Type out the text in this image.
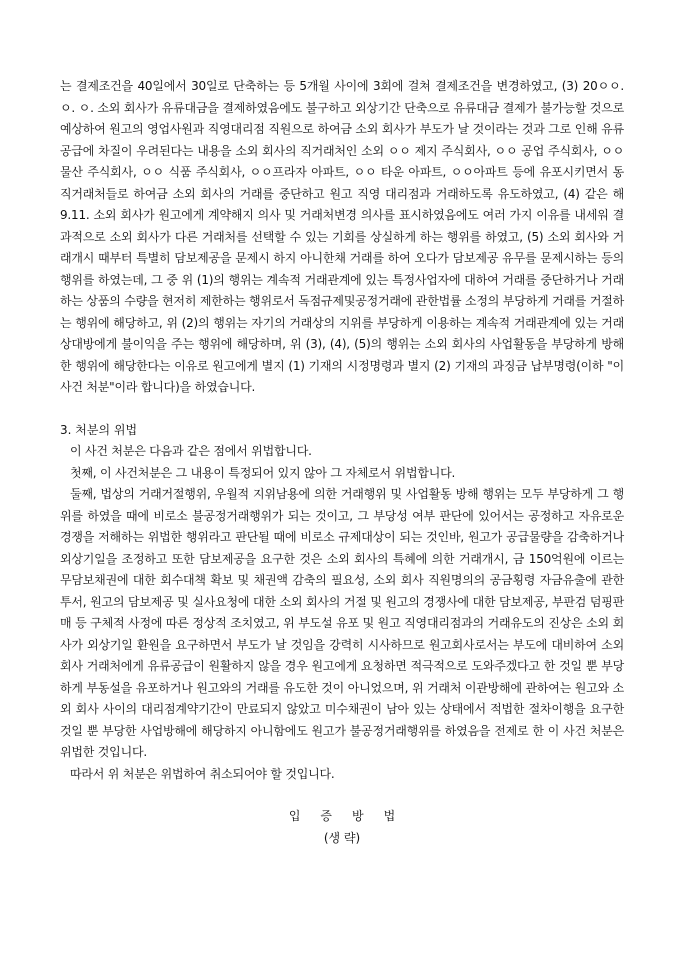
는 결제조건을 40일에서 30일로 단축하는 등 5개월 사이에 3회에 걸쳐 결제조건을 변경하였고, (3) 20ㅇㅇ. ㅇ. ㅇ. 소외 회사가 유류대금을 결제하였음에도 불구하고 외상기간 단축으로 유류대금 결제가 불가능할 것으로 예상하여 원고의 영업사원과 직영대리점 직원으로 하여금 소외 회사가 부도가 날 것이라는 것과 그로 인해 유류공급에 차질이 우려된다는 내용을 소외 회사의 직거래처인 소외 ㅇㅇ 제지 주식회사, ㅇㅇ 공업 주식회사, ㅇㅇ 물산 주식회사, ㅇㅇ 식품 주식회사, ㅇㅇ프라자 아파트, ㅇㅇ 타운 아파트, ㅇㅇ아파트 등에 유포시키면서 동 직거래처들로 하여금 소외 회사의 거래를 중단하고 원고 직영 대리점과 거래하도록 유도하였고, (4) 같은 해 9.11. 소외 회사가 원고에게 계약해지 의사 및 거래처변경 의사를 표시하였음에도 여러 가지 이유를 내세워 결과적으로 소외 회사가 다른 거래처를 선택할 수 있는 기회를 상실하게 하는 행위를 하였고, (5) 소외 회사와 거래개시 때부터 특별히 담보제공을 문제시 하지 아니한채 거래를 하여 오다가 담보제공 유무를 문제시하는 등의 행위를 하였는데, 그 중 위 (1)의 행위는 계속적 거래관계에 있는 특정사업자에 대하여 거래를 중단하거나 거래하는 상품의 수량을 현저히 제한하는 행위로서 독점규제및공정거래에 관한법률 소정의 부당하게 거래를 거절하는 행위에 해당하고, 위 (2)의 행위는 자기의 거래상의 지위를 부당하게 이용하는 계속적 거래관계에 있는 거래상대방에게 불이익을 주는 행위에 해당하며, 위 (3), (4), (5)의 행위는 소외 회사의 사업활동을 부당하게 방해한 행위에 해당한다는 이유로 원고에게 별지 (1) 기재의 시정명령과 별지 (2) 기재의 과징금 납부명령(이하 "이 사건 처분"이라 합니다)을 하였습니다.

3. 처분의 위법

이 사건 처분은 다음과 같은 점에서 위법합니다.

첫째, 이 사건처분은 그 내용이 특정되어 있지 않아 그 자체로서 위법합니다.

둘째, 법상의 거래거절행위, 우월적 지위남용에 의한 거래행위 및 사업활동 방해 행위는 모두 부당하게 그 행위를 하였을 때에 비로소 불공정거래행위가 되는 것이고, 그 부당성 여부 판단에 있어서는 공정하고 자유로운 경쟁을 저해하는 위법한 행위라고 판단될 때에 비로소 규제대상이 되는 것인바, 원고가 공급물량을 감축하거나 외상기일을 조정하고 또한 담보제공을 요구한 것은 소외 회사의 특혜에 의한 거래개시, 금 150억원에 이르는 무담보채권에 대한 회수대책 확보 및 채권액 감축의 필요성, 소외 회사 직원명의의 공금횡령 자금유출에 관한 투서, 원고의 담보제공 및 실사요청에 대한 소외 회사의 거절 및 원고의 경쟁사에 대한 담보제공, 부판검 덤핑판매 등 구체적 사정에 따른 정상적 조치였고, 위 부도설 유포 및 원고 직영대리점과의 거래유도의 진상은 소외 회사가 외상기일 환원을 요구하면서 부도가 날 것임을 강력히 시사하므로 원고회사로서는 부도에 대비하여 소외 회사 거래처에게 유류공급이 원활하지 않을 경우 원고에게 요청하면 적극적으로 도와주겠다고 한 것일 뿐 부당하게 부동설을 유포하거나 원고와의 거래를 유도한 것이 아니었으며, 위 거래처 이관방해에 관하여는 원고와 소외 회사 사이의 대리점계약기간이 만료되지 않았고 미수채권이 남아 있는 상태에서 적법한 절차이행을 요구한 것일 뿐 부당한 사업방해에 해당하지 아니함에도 원고가 불공정거래행위를 하였음을 전제로 한 이 사건 처분은 위법한 것입니다.

따라서 위 처분은 위법하여 취소되어야 할 것입니다.

입증방법

(생 략)
